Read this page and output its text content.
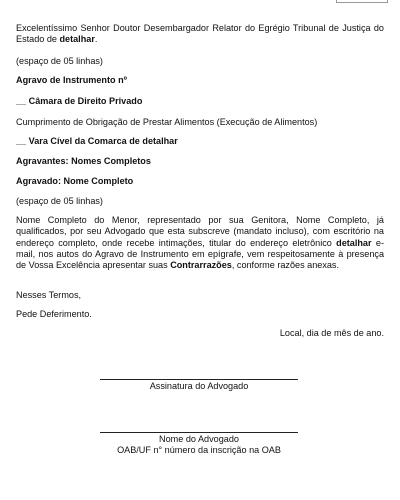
Excelentíssimo Senhor Doutor Desembargador Relator do Egrégio Tribunal de Justiça do Estado de detalhar.

(espaço de 05 linhas)

Agravo de Instrumento nº

__ Câmara de Direito Privado

Cumprimento de Obrigação de Prestar Alimentos (Execução de Alimentos)

__ Vara Cível da Comarca de detalhar

Agravantes: Nomes Completos

Agravado: Nome Completo

(espaço de 05 linhas)

Nome Completo do Menor, representado por sua Genitora, Nome Completo, já qualificados, por seu Advogado que esta subscreve (mandato incluso), com escritório na endereço completo, onde recebe intimações, titular do endereço eletrônico detalhar e-mail, nos autos do Agravo de Instrumento em epígrafe, vem respeitosamente à presença de Vossa Excelência apresentar suas Contrarrazões, conforme razões anexas.

Nesses Termos,

Pede Deferimento.

Local, dia de mês de ano.

Assinatura do Advogado

Nome do Advogado

OAB/UF n° número da inscrição na OAB
